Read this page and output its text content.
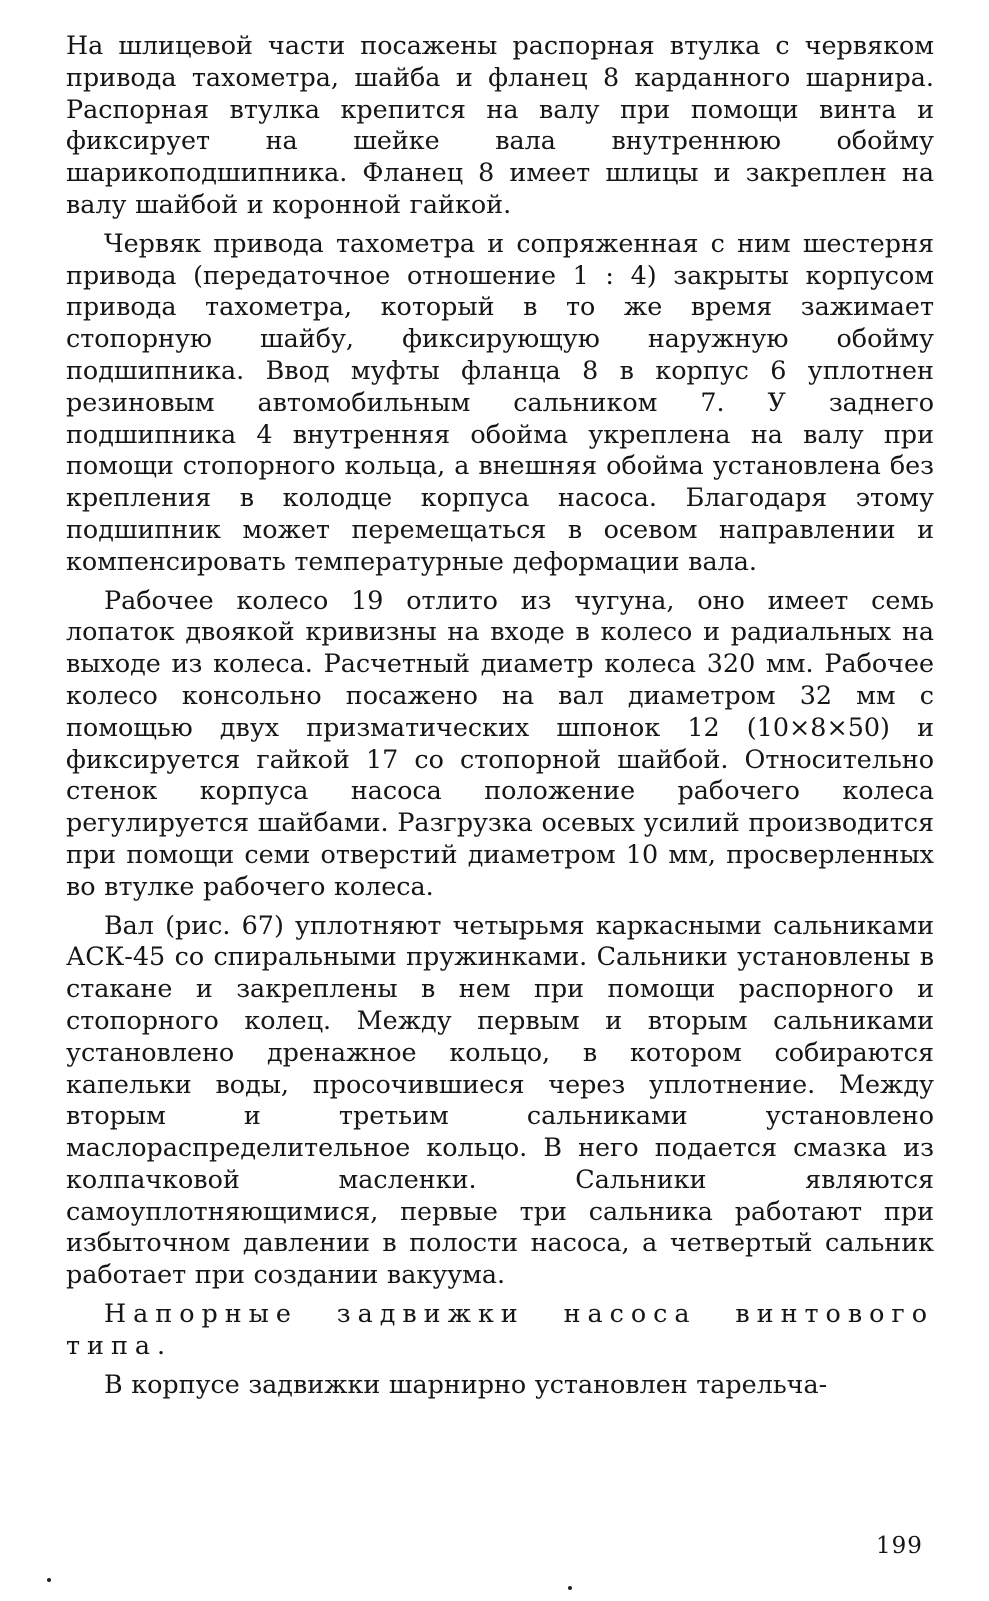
На шлицевой части посажены распорная втулка с червяком привода тахометра, шайба и фланец 8 карданного шарнира. Распорная втулка крепится на валу при помощи винта и фиксирует на шейке вала внутреннюю обойму шарикоподшипника. Фланец 8 имеет шлицы и закреплен на валу шайбой и коронной гайкой.

Червяк привода тахометра и сопряженная с ним шестерня привода (передаточное отношение 1 : 4) закрыты корпусом привода тахометра, который в то же время зажимает стопорную шайбу, фиксирующую наружную обойму подшипника. Ввод муфты фланца 8 в корпус 6 уплотнен резиновым автомобильным сальником 7. У заднего подшипника 4 внутренняя обойма укреплена на валу при помощи стопорного кольца, а внешняя обойма установлена без крепления в колодце корпуса насоса. Благодаря этому подшипник может перемещаться в осевом направлении и компенсировать температурные деформации вала.

Рабочее колесо 19 отлито из чугуна, оно имеет семь лопаток двоякой кривизны на входе в колесо и радиальных на выходе из колеса. Расчетный диаметр колеса 320 мм. Рабочее колесо консольно посажено на вал диаметром 32 мм с помощью двух призматических шпонок 12 (10×8×50) и фиксируется гайкой 17 со стопорной шайбой. Относительно стенок корпуса насоса положение рабочего колеса регулируется шайбами. Разгрузка осевых усилий производится при помощи семи отверстий диаметром 10 мм, просверленных во втулке рабочего колеса.

Вал (рис. 67) уплотняют четырьмя каркасными сальниками АСК-45 со спиральными пружинками. Сальники установлены в стакане и закреплены в нем при помощи распорного и стопорного колец. Между первым и вторым сальниками установлено дренажное кольцо, в котором собираются капельки воды, просочившиеся через уплотнение. Между вторым и третьим сальниками установлено маслораспределительное кольцо. В него подается смазка из колпачковой масленки. Сальники являются самоуплотняющимися, первые три сальника работают при избыточном давлении в полости насоса, а четвертый сальник работает при создании вакуума.

Напорные задвижки насоса винтового типа.

В корпусе задвижки шарнирно установлен тарельча-

199
